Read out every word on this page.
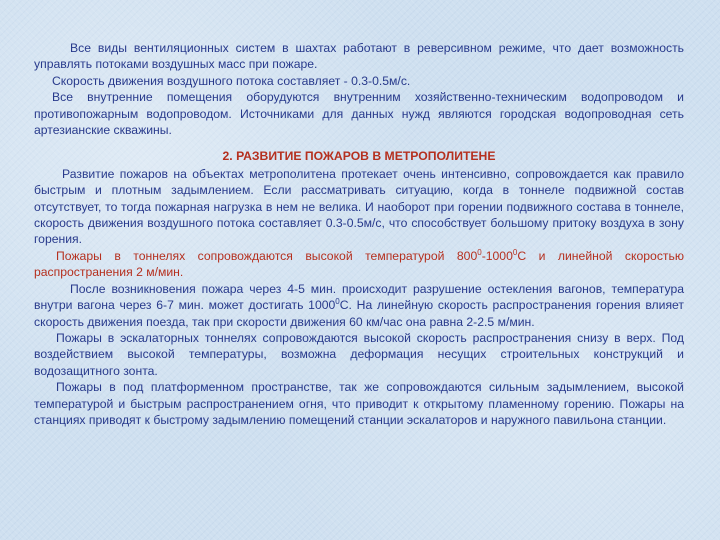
Все виды вентиляционных систем в шахтах работают в реверсивном режиме, что дает возможность управлять потоками воздушных масс при пожаре.

Скорость движения воздушного потока составляет - 0.3-0.5м/с.

Все внутренние помещения оборудуются внутренним хозяйственно-техническим водопроводом и противопожарным водопроводом. Источниками для данных нужд являются городская водопроводная сеть артезианские скважины.

2. РАЗВИТИЕ ПОЖАРОВ В МЕТРОПОЛИТЕНЕ

Развитие пожаров на объектах метрополитена протекает очень интенсивно, сопровождается как правило быстрым и плотным задымлением. Если рассматривать ситуацию, когда в тоннеле подвижной состав отсутствует, то тогда пожарная нагрузка в нем не велика. И наоборот при горении подвижного состава в тоннеле, скорость движения воздушного потока составляет 0.3-0.5м/с, что способствует большому притоку воздуха в зону горения.

Пожары в тоннелях сопровождаются высокой температурой $800^0-1000^0С$ и линейной скоростью распространения 2 м/мин.

После возникновения пожара через 4-5 мин. происходит разрушение остекления вагонов, температура внутри вагона через 6-7 мин. может достигать 1000$^0$С. На линейную скорость распространения горения влияет скорость движения поезда, так при скорости движения 60 км/час она равна 2-2.5 м/мин.

Пожары в эскалаторных тоннелях сопровождаются высокой скорость распространения снизу в верх. Под воздействием высокой температуры, возможна деформация несущих строительных конструкций и водозащитного зонта.

Пожары в под платформенном пространстве, так же сопровождаются сильным задымлением, высокой температурой и быстрым распространением огня, что приводит к открытому пламенному горению. Пожары на станциях приводят к быстрому задымлению помещений станции эскалаторов и наружного павильона станции.
